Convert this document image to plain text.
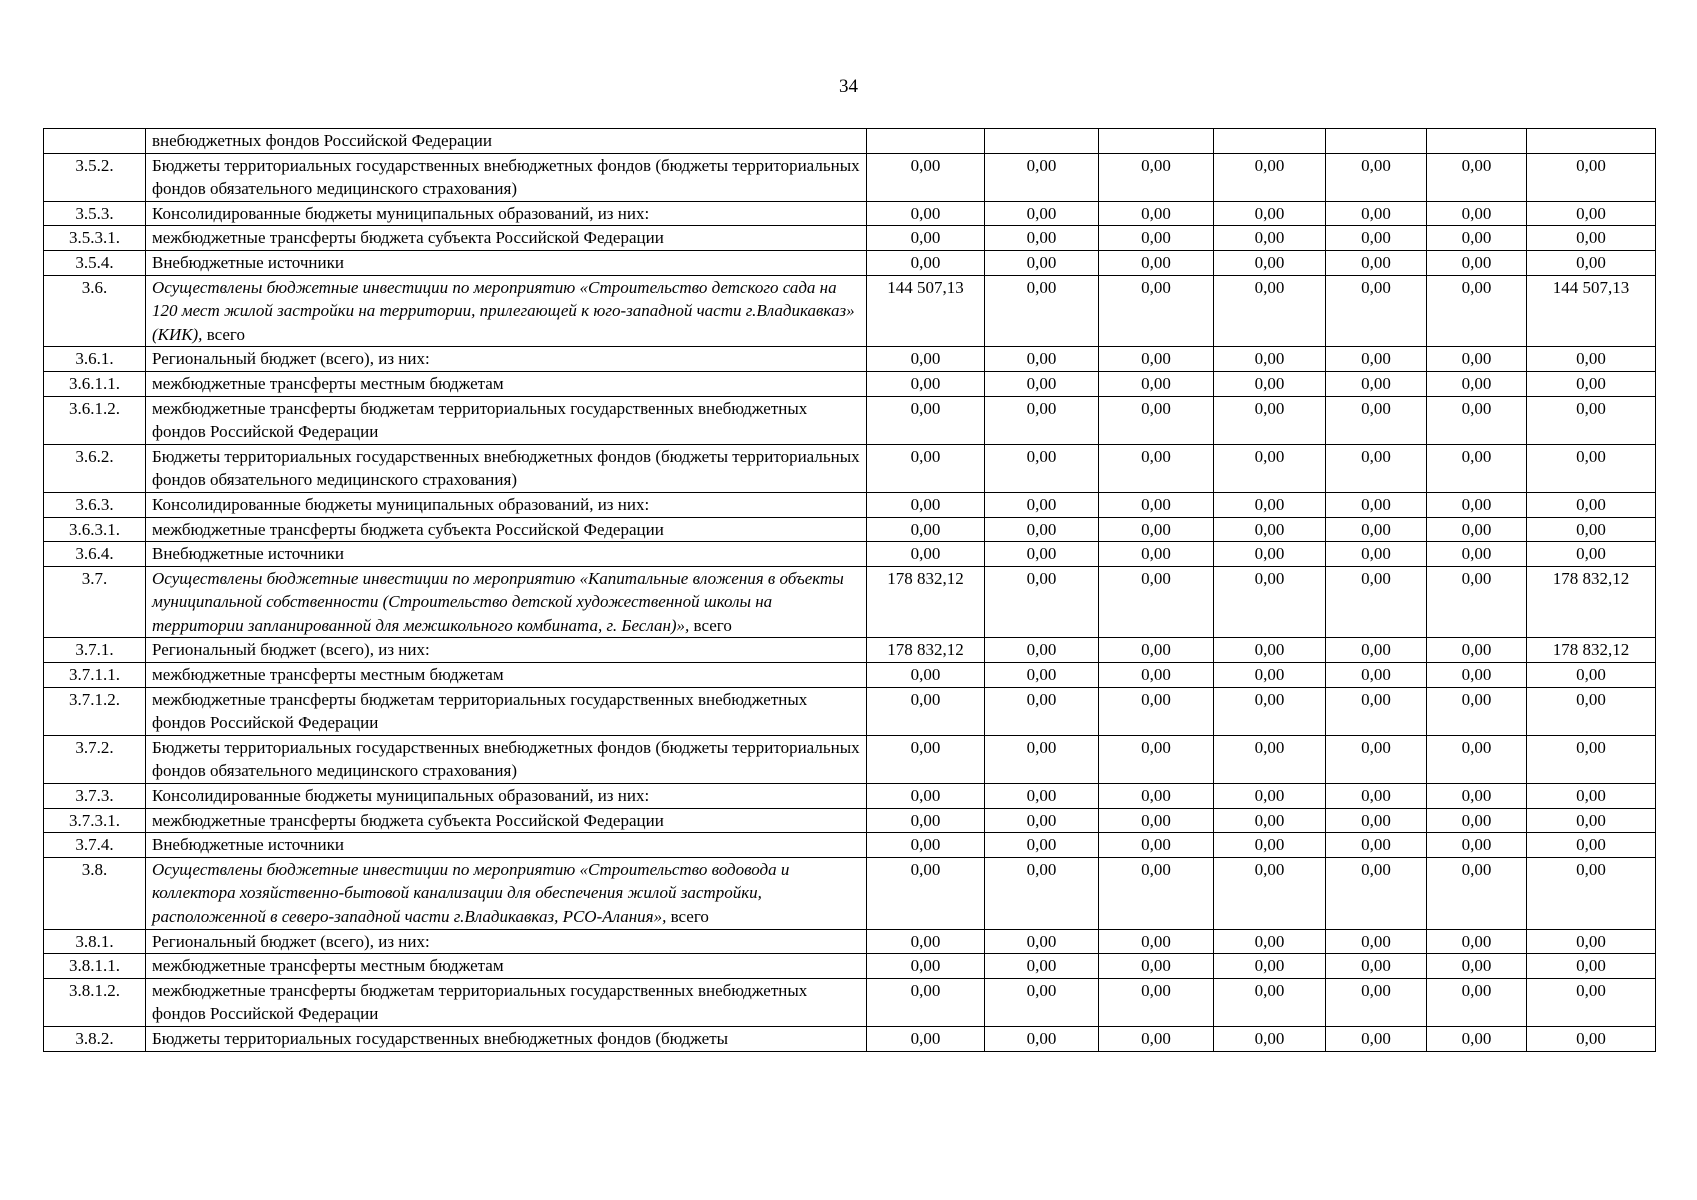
34
	внебюджетных фондов Российской Федерации							
3.5.2.	Бюджеты территориальных государственных внебюджетных фондов (бюджеты территориальных фондов обязательного медицинского страхования)	0,00	0,00	0,00	0,00	0,00	0,00	0,00
3.5.3.	Консолидированные бюджеты муниципальных образований, из них:	0,00	0,00	0,00	0,00	0,00	0,00	0,00
3.5.3.1.	межбюджетные трансферты бюджета субъекта Российской Федерации	0,00	0,00	0,00	0,00	0,00	0,00	0,00
3.5.4.	Внебюджетные источники	0,00	0,00	0,00	0,00	0,00	0,00	0,00
3.6.	Осуществлены бюджетные инвестиции по мероприятию «Строительство детского сада на 120 мест жилой застройки на территории, прилегающей к юго-западной части г.Владикавказ» (КИК), всего	144 507,13	0,00	0,00	0,00	0,00	0,00	144 507,13
3.6.1.	Региональный бюджет (всего), из них:	0,00	0,00	0,00	0,00	0,00	0,00	0,00
3.6.1.1.	межбюджетные трансферты местным бюджетам	0,00	0,00	0,00	0,00	0,00	0,00	0,00
3.6.1.2.	межбюджетные трансферты бюджетам территориальных государственных внебюджетных фондов Российской Федерации	0,00	0,00	0,00	0,00	0,00	0,00	0,00
3.6.2.	Бюджеты территориальных государственных внебюджетных фондов (бюджеты территориальных фондов обязательного медицинского страхования)	0,00	0,00	0,00	0,00	0,00	0,00	0,00
3.6.3.	Консолидированные бюджеты муниципальных образований, из них:	0,00	0,00	0,00	0,00	0,00	0,00	0,00
3.6.3.1.	межбюджетные трансферты бюджета субъекта Российской Федерации	0,00	0,00	0,00	0,00	0,00	0,00	0,00
3.6.4.	Внебюджетные источники	0,00	0,00	0,00	0,00	0,00	0,00	0,00
3.7.	Осуществлены бюджетные инвестиции по мероприятию «Капитальные вложения в объекты муниципальной собственности (Строительство детской художественной школы на территории запланированной для межшкольного комбината, г. Беслан)», всего	178 832,12	0,00	0,00	0,00	0,00	0,00	178 832,12
3.7.1.	Региональный бюджет (всего), из них:	178 832,12	0,00	0,00	0,00	0,00	0,00	178 832,12
3.7.1.1.	межбюджетные трансферты местным бюджетам	0,00	0,00	0,00	0,00	0,00	0,00	0,00
3.7.1.2.	межбюджетные трансферты бюджетам территориальных государственных внебюджетных фондов Российской Федерации	0,00	0,00	0,00	0,00	0,00	0,00	0,00
3.7.2.	Бюджеты территориальных государственных внебюджетных фондов (бюджеты территориальных фондов обязательного медицинского страхования)	0,00	0,00	0,00	0,00	0,00	0,00	0,00
3.7.3.	Консолидированные бюджеты муниципальных образований, из них:	0,00	0,00	0,00	0,00	0,00	0,00	0,00
3.7.3.1.	межбюджетные трансферты бюджета субъекта Российской Федерации	0,00	0,00	0,00	0,00	0,00	0,00	0,00
3.7.4.	Внебюджетные источники	0,00	0,00	0,00	0,00	0,00	0,00	0,00
3.8.	Осуществлены бюджетные инвестиции по мероприятию «Строительство водовода и коллектора хозяйственно-бытовой канализации для обеспечения жилой застройки, расположенной в северо-западной части г.Владикавказ, РСО-Алания», всего	0,00	0,00	0,00	0,00	0,00	0,00	0,00
3.8.1.	Региональный бюджет (всего), из них:	0,00	0,00	0,00	0,00	0,00	0,00	0,00
3.8.1.1.	межбюджетные трансферты местным бюджетам	0,00	0,00	0,00	0,00	0,00	0,00	0,00
3.8.1.2.	межбюджетные трансферты бюджетам территориальных государственных внебюджетных фондов Российской Федерации	0,00	0,00	0,00	0,00	0,00	0,00	0,00
3.8.2.	Бюджеты территориальных государственных внебюджетных фондов (бюджеты	0,00	0,00	0,00	0,00	0,00	0,00	0,00
